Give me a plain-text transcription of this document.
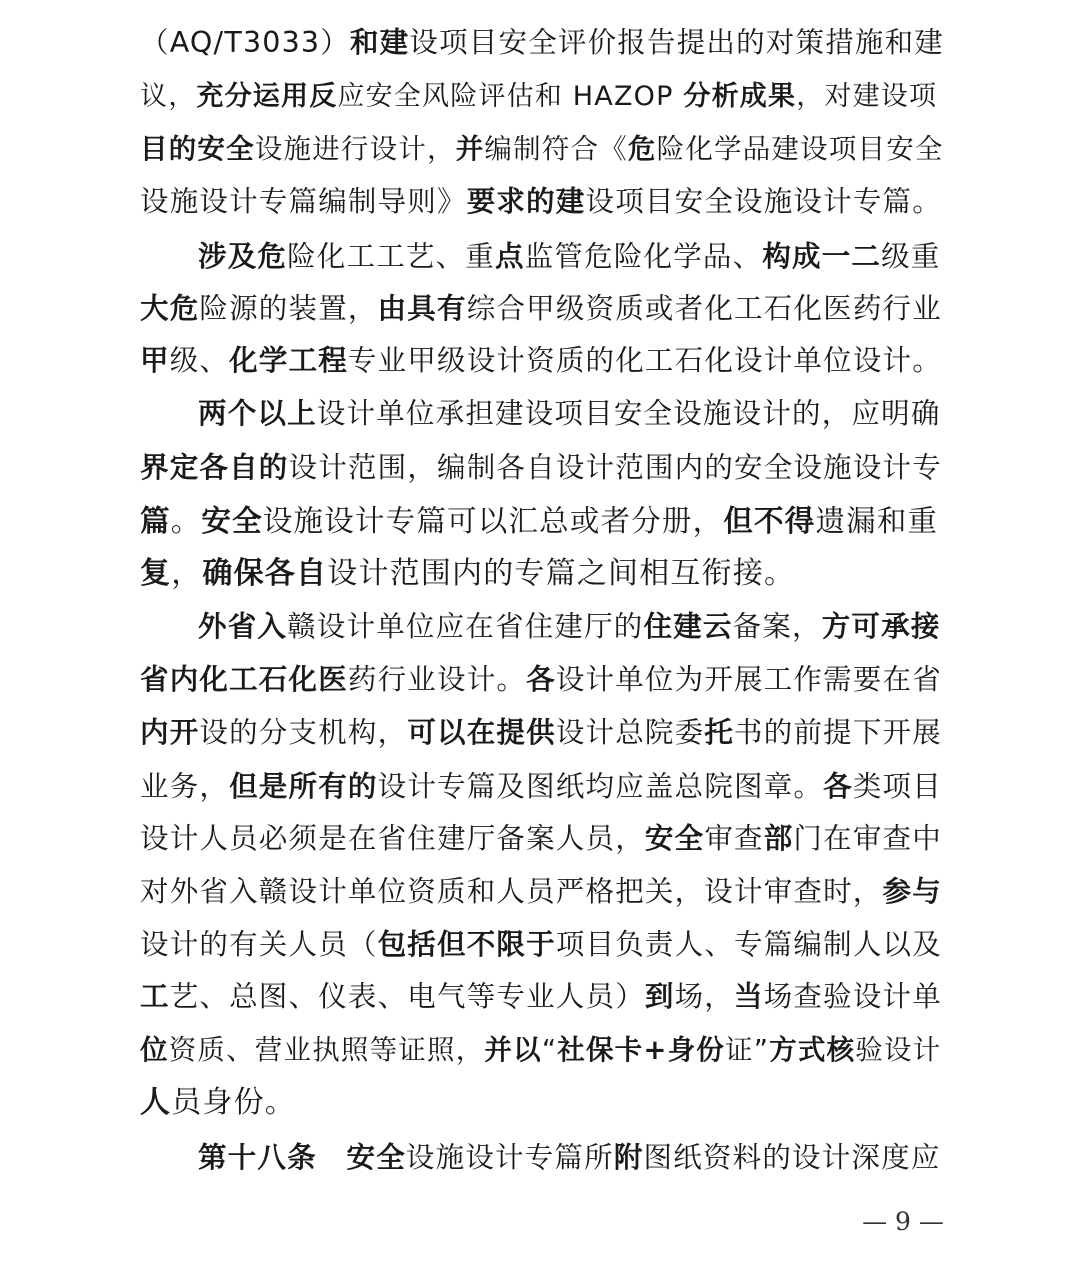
（AQ/T3033）和建设项目安全评价报告提出的对策措施和建
议，充分运用反应安全风险评估和 HAZOP 分析成果，对建设项
目的安全设施进行设计，并编制符合《危险化学品建设项目安全
设施设计专篇编制导则》要求的建设项目安全设施设计专篇。
涉及危险化工工艺、重点监管危险化学品、构成一二级重
大危险源的装置，由具有综合甲级资质或者化工石化医药行业
甲级、化学工程专业甲级设计资质的化工石化设计单位设计。
两个以上设计单位承担建设项目安全设施设计的，应明确
界定各自的设计范围，编制各自设计范围内的安全设施设计专
篇。安全设施设计专篇可以汇总或者分册，但不得遗漏和重
复，确保各自设计范围内的专篇之间相互衔接。
外省入赣设计单位应在省住建厅的住建云备案，方可承接
省内化工石化医药行业设计。各设计单位为开展工作需要在省
内开设的分支机构，可以在提供设计总院委托书的前提下开展
业务，但是所有的设计专篇及图纸均应盖总院图章。各类项目
设计人员必须是在省住建厅备案人员，安全审查部门在审查中
对外省入赣设计单位资质和人员严格把关，设计审查时，参与
设计的有关人员（包括但不限于项目负责人、专篇编制人以及
工艺、总图、仪表、电气等专业人员）到场，当场查验设计单
位资质、营业执照等证照，并以“社保卡+身份证”方式核验设计
人员身份。
第十八条　 安全设施设计专篇所附图纸资料的设计深度应
— 9 —
